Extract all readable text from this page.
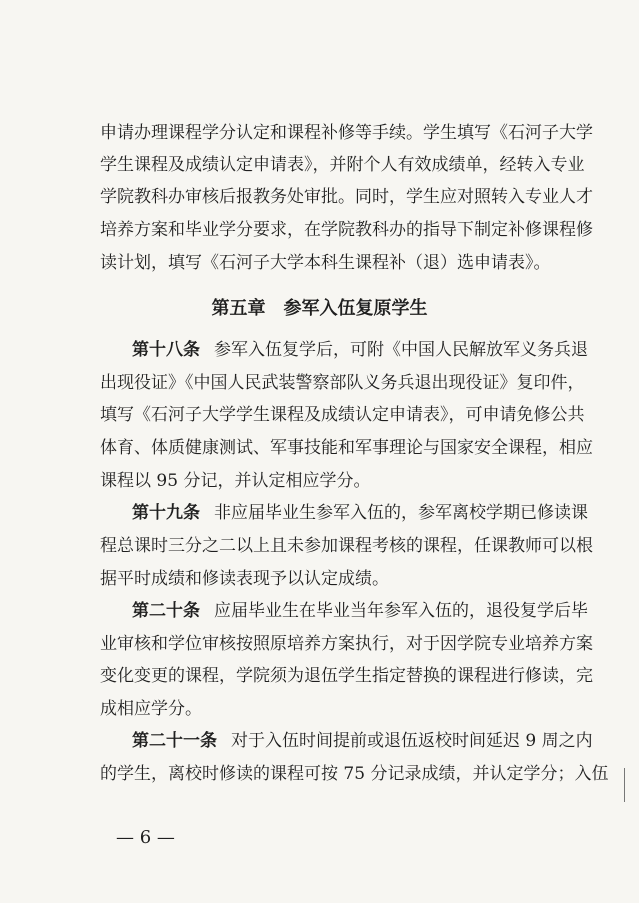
申请办理课程学分认定和课程补修等手续。学生填写《石河子大学
学生课程及成绩认定申请表》，并附个人有效成绩单，经转入专业
学院教科办审核后报教务处审批。同时，学生应对照转入专业人才
培养方案和毕业学分要求，在学院教科办的指导下制定补修课程修
读计划，填写《石河子大学本科生课程补（退）选申请表》。
第五章　参军入伍复原学生
第十八条 参军入伍复学后，可附《中国人民解放军义务兵退
出现役证》《中国人民武装警察部队义务兵退出现役证》复印件，
填写《石河子大学学生课程及成绩认定申请表》，可申请免修公共
体育、体质健康测试、军事技能和军事理论与国家安全课程，相应
课程以 95 分记，并认定相应学分。
第十九条 非应届毕业生参军入伍的，参军离校学期已修读课
程总课时三分之二以上且未参加课程考核的课程，任课教师可以根
据平时成绩和修读表现予以认定成绩。
第二十条 应届毕业生在毕业当年参军入伍的，退役复学后毕
业审核和学位审核按照原培养方案执行，对于因学院专业培养方案
变化变更的课程，学院须为退伍学生指定替换的课程进行修读，完
成相应学分。
第二十一条 对于入伍时间提前或退伍返校时间延迟 9 周之内
的学生，离校时修读的课程可按 75 分记录成绩，并认定学分；入伍
— 6 —
